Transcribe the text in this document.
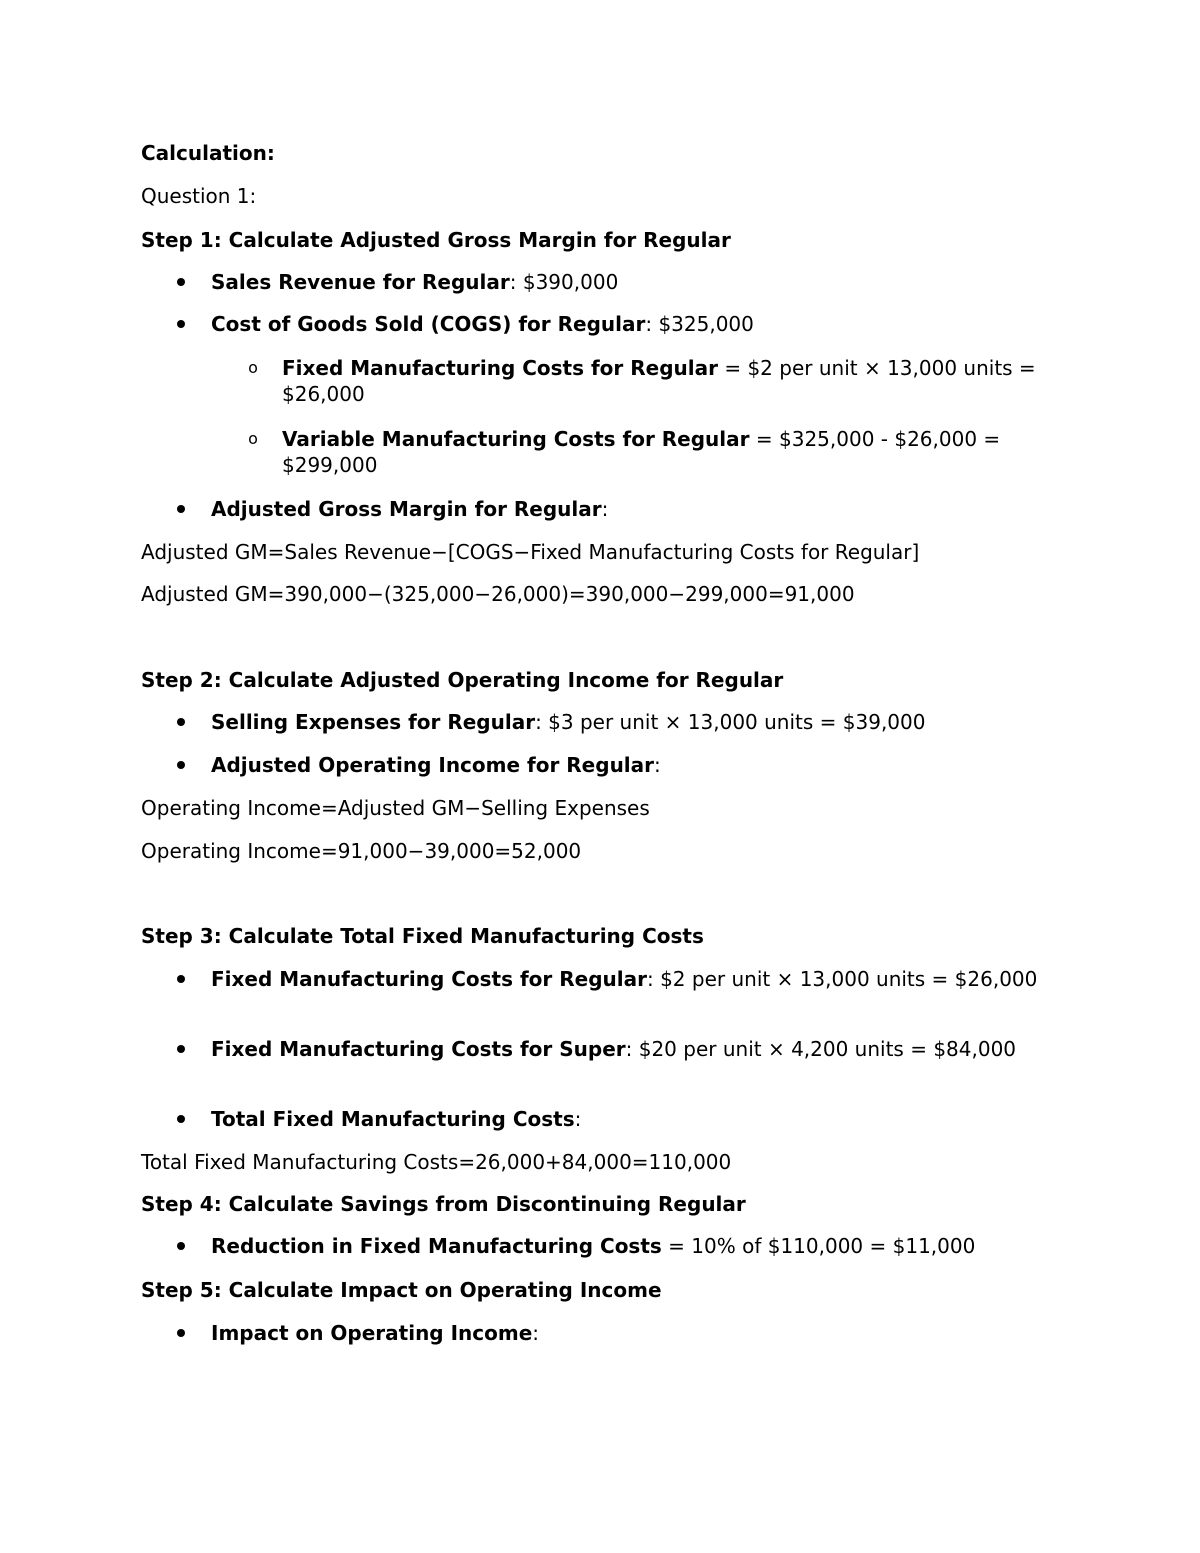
Calculation:

Question 1:

Step 1: Calculate Adjusted Gross Margin for Regular

Sales Revenue for Regular: $390,000
Cost of Goods Sold (COGS) for Regular: $325,000
o Fixed Manufacturing Costs for Regular = $2 per unit × 13,000 units = $26,000
o Variable Manufacturing Costs for Regular = $325,000 - $26,000 = $299,000
Adjusted Gross Margin for Regular:

Adjusted GM=Sales Revenue−[COGS−Fixed Manufacturing Costs for Regular]

Adjusted GM=390,000−(325,000−26,000)=390,000−299,000=91,000

Step 2: Calculate Adjusted Operating Income for Regular

Selling Expenses for Regular: $3 per unit × 13,000 units = $39,000
Adjusted Operating Income for Regular:

Operating Income=Adjusted GM−Selling Expenses

Operating Income=91,000−39,000=52,000

Step 3: Calculate Total Fixed Manufacturing Costs

Fixed Manufacturing Costs for Regular: $2 per unit × 13,000 units = $26,000
Fixed Manufacturing Costs for Super: $20 per unit × 4,200 units = $84,000
Total Fixed Manufacturing Costs:

Total Fixed Manufacturing Costs=26,000+84,000=110,000

Step 4: Calculate Savings from Discontinuing Regular

Reduction in Fixed Manufacturing Costs = 10% of $110,000 = $11,000

Step 5: Calculate Impact on Operating Income

Impact on Operating Income:
